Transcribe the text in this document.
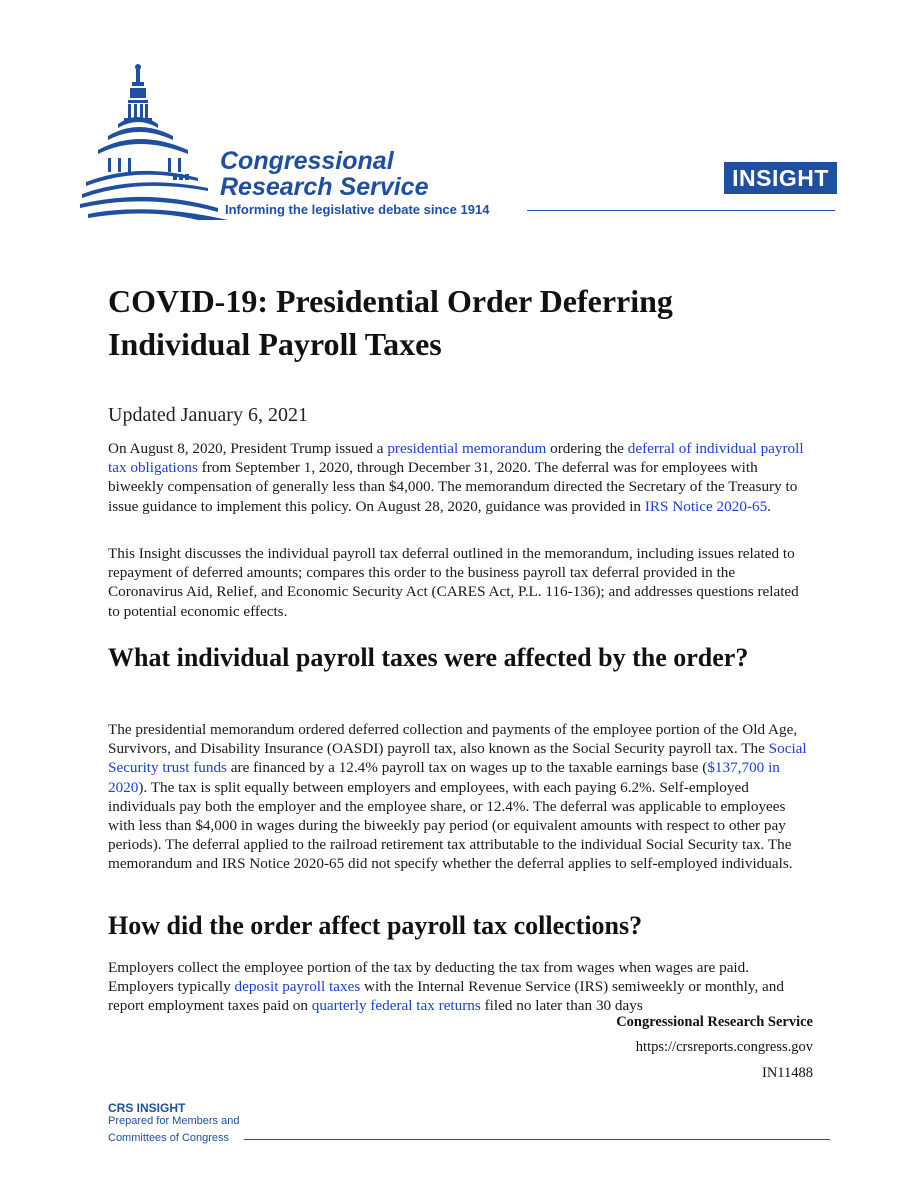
Congressional
Research Service
Informing the legislative debate since 1914
INSIGHT
COVID-19: Presidential Order Deferring
Individual Payroll Taxes
Updated January 6, 2021

On August 8, 2020, President Trump issued a presidential memorandum ordering the deferral of individual payroll tax obligations from September 1, 2020, through December 31, 2020. The deferral was for employees with biweekly compensation of generally less than $4,000. The memorandum directed the Secretary of the Treasury to issue guidance to implement this policy. On August 28, 2020, guidance was provided in IRS Notice 2020-65.

This Insight discusses the individual payroll tax deferral outlined in the memorandum, including issues related to repayment of deferred amounts; compares this order to the business payroll tax deferral provided in the Coronavirus Aid, Relief, and Economic Security Act (CARES Act, P.L. 116-136); and addresses questions related to potential economic effects.

What individual payroll taxes were affected by the order?

The presidential memorandum ordered deferred collection and payments of the employee portion of the Old Age, Survivors, and Disability Insurance (OASDI) payroll tax, also known as the Social Security payroll tax. The Social Security trust funds are financed by a 12.4% payroll tax on wages up to the taxable earnings base ($137,700 in 2020). The tax is split equally between employers and employees, with each paying 6.2%. Self-employed individuals pay both the employer and the employee share, or 12.4%. The deferral was applicable to employees with less than $4,000 in wages during the biweekly pay period (or equivalent amounts with respect to other pay periods). The deferral applied to the railroad retirement tax attributable to the individual Social Security tax. The memorandum and IRS Notice 2020-65 did not specify whether the deferral applies to self-employed individuals.

How did the order affect payroll tax collections?

Employers collect the employee portion of the tax by deducting the tax from wages when wages are paid. Employers typically deposit payroll taxes with the Internal Revenue Service (IRS) semiweekly or monthly, and report employment taxes paid on quarterly federal tax returns filed no later than 30 days

Congressional Research Service
https://crsreports.congress.gov
IN11488
CRS INSIGHT
Prepared for Members and
Committees of Congress
